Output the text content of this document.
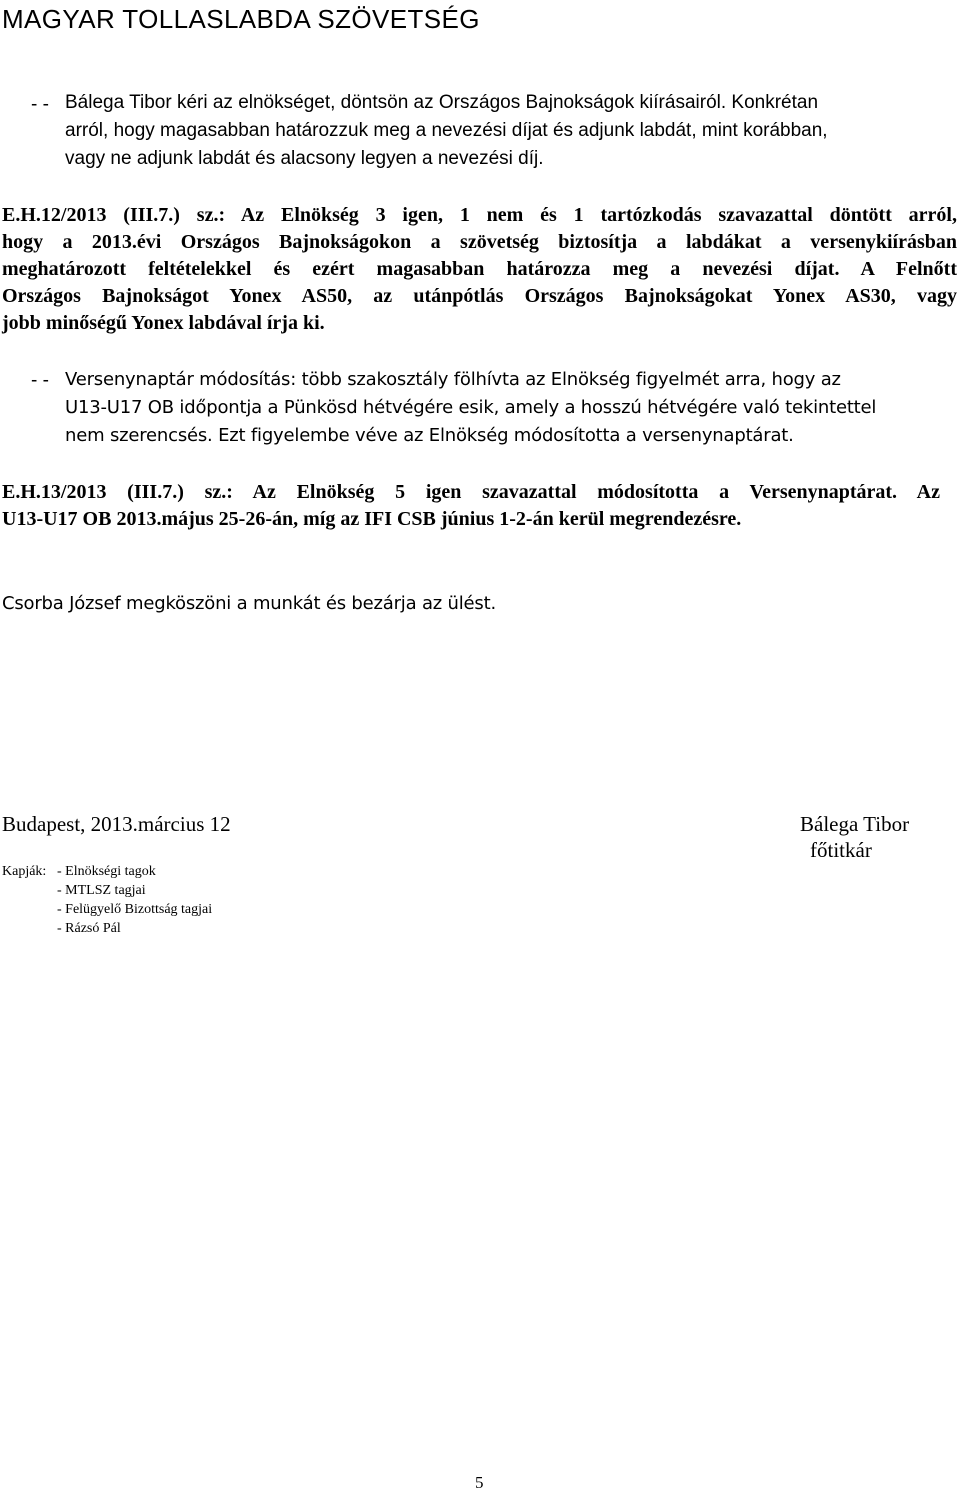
MAGYAR TOLLASLABDA SZÖVETSÉG
- - Bálega Tibor kéri az elnökséget, döntsön az Országos Bajnokságok kiírásairól. Konkrétan
arról, hogy magasabban határozzuk meg a nevezési díjat és adjunk labdát, mint korábban,
vagy ne adjunk labdát és alacsony legyen a nevezési díj.
E.H.12/2013 (III.7.) sz.: Az Elnökség 3 igen, 1 nem és 1 tartózkodás szavazattal döntött arról,
hogy a 2013.évi Országos Bajnokságokon a szövetség biztosítja a labdákat a versenykiírásban
meghatározott feltételekkel és ezért magasabban határozza meg a nevezési díjat. A Felnőtt
Országos Bajnokságot Yonex AS50, az utánpótlás Országos Bajnokságokat Yonex AS30, vagy
jobb minőségű Yonex labdával írja ki.
- - Versenynaptár módosítás: több szakosztály fölhívta az Elnökség figyelmét arra, hogy az
U13-U17 OB időpontja a Pünkösd hétvégére esik, amely a hosszú hétvégére való tekintettel
nem szerencsés. Ezt figyelembe véve az Elnökség módosította a versenynaptárat.
E.H.13/2013 (III.7.) sz.: Az Elnökség 5 igen szavazattal módosította a Versenynaptárat. Az
U13-U17 OB 2013.május 25-26-án, míg az IFI CSB június 1-2-án kerül megrendezésre.
Csorba József megköszöni a munkát és bezárja az ülést.
Budapest, 2013.március 12	Bálega Tibor
főtitkár
Kapják: - Elnökségi tagok
- MTLSZ tagjai
- Felügyelő Bizottság tagjai
- Rázsó Pál
5
